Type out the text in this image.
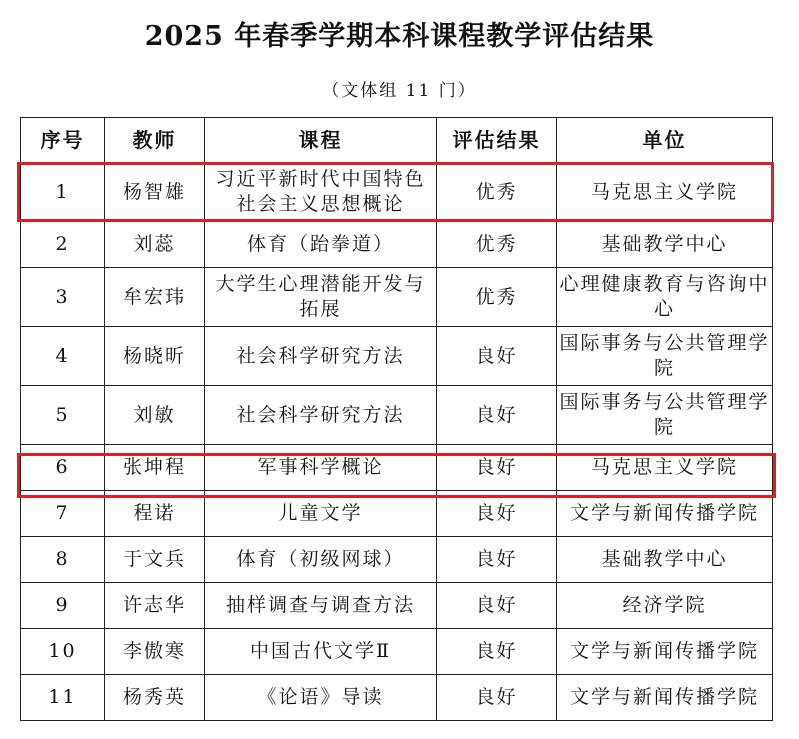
2025 年春季学期本科课程教学评估结果
（文体组 11 门）
序号	教师	课程	评估结果	单位
1	杨智雄	习近平新时代中国特色社会主义思想概论	优秀	马克思主义学院
2	刘蕊	体育（跆拳道）	优秀	基础教学中心
3	牟宏玮	大学生心理潜能开发与拓展	优秀	心理健康教育与咨询中心
4	杨晓昕	社会科学研究方法	良好	国际事务与公共管理学院
5	刘敏	社会科学研究方法	良好	国际事务与公共管理学院
6	张坤程	军事科学概论	良好	马克思主义学院
7	程诺	儿童文学	良好	文学与新闻传播学院
8	于文兵	体育（初级网球）	良好	基础教学中心
9	许志华	抽样调查与调查方法	良好	经济学院
10	李傲寒	中国古代文学Ⅱ	良好	文学与新闻传播学院
11	杨秀英	《论语》导读	良好	文学与新闻传播学院
